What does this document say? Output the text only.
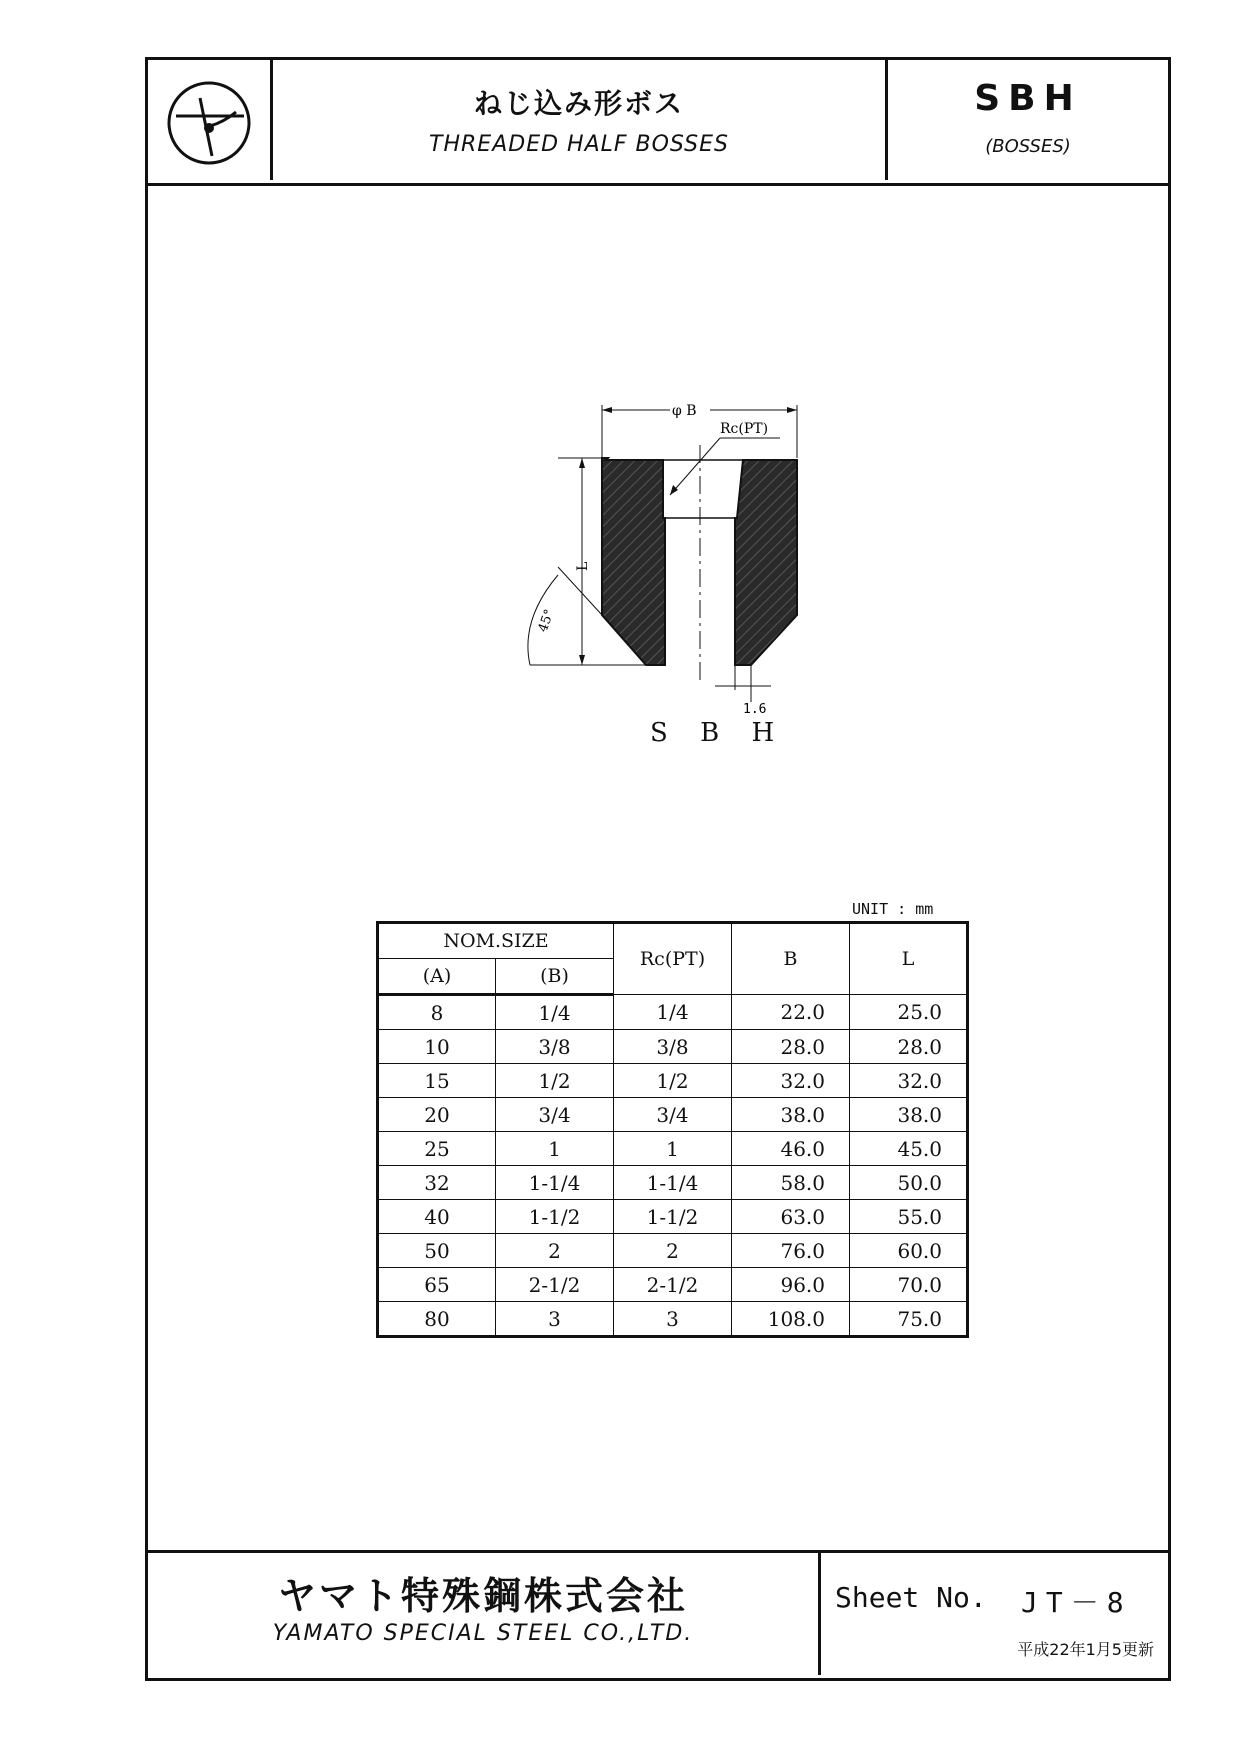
ねじ込み形ボス
THREADED HALF BOSSES
SBH
(BOSSES)
ヤマト特殊鋼株式会社
YAMATO SPECIAL STEEL CO.,LTD.
Sheet No. JT－8
平成22年1月5更新
φ B
Rc(PT)
L
45°
1.6
S B H
UNIT : mm
NOM.SIZE		Rc(PT)	B	L
(A)	(B)			
8	1/4	1/4	22.0	25.0
10	3/8	3/8	28.0	28.0
15	1/2	1/2	32.0	32.0
20	3/4	3/4	38.0	38.0
25	1	1	46.0	45.0
32	1-1/4	1-1/4	58.0	50.0
40	1-1/2	1-1/2	63.0	55.0
50	2	2	76.0	60.0
65	2-1/2	2-1/2	96.0	70.0
80	3	3	108.0	75.0
